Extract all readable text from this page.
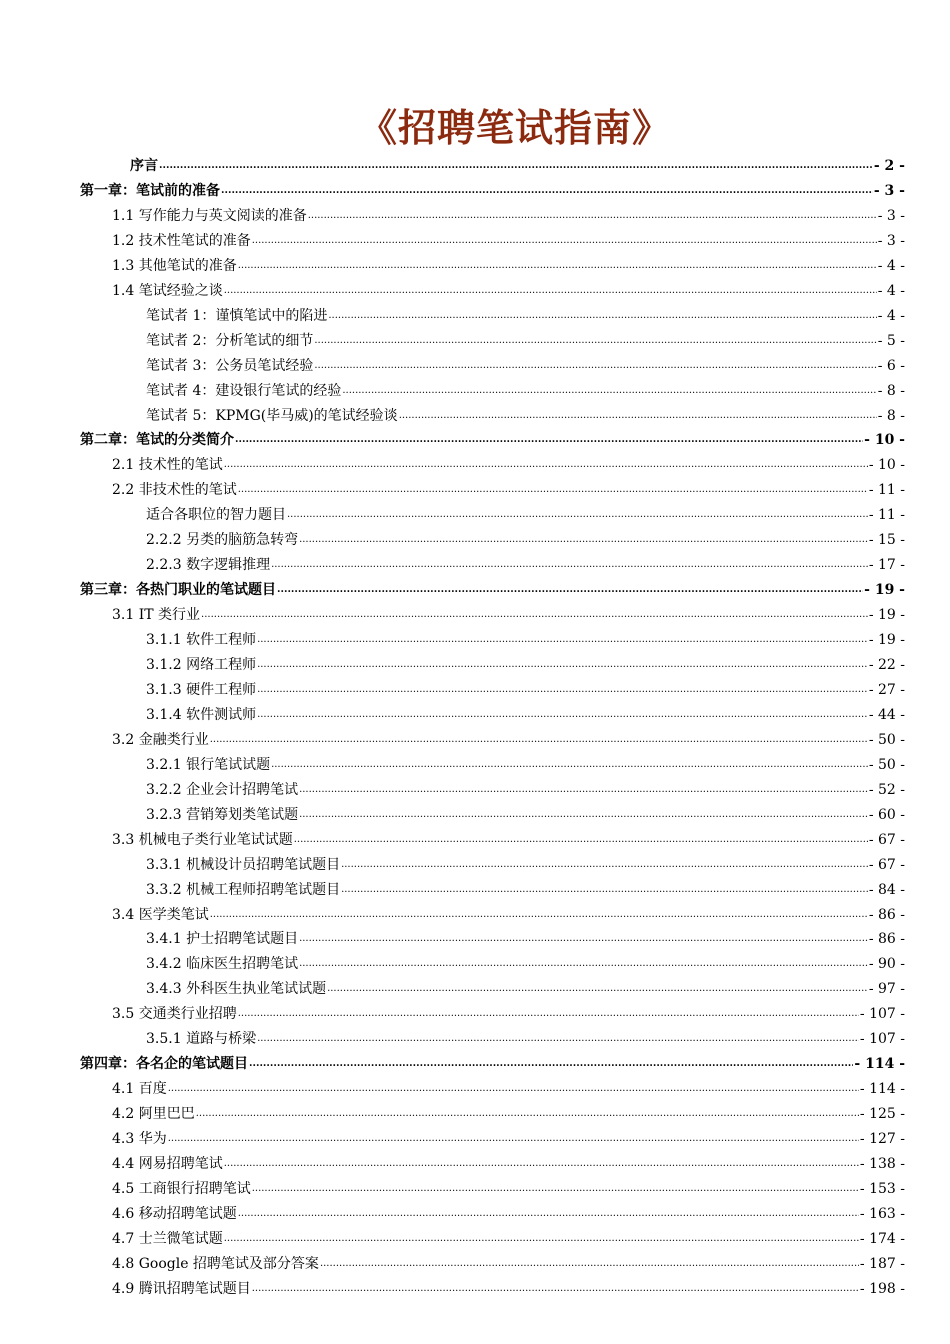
《招聘笔试指南》
序言 .....	- 2 -
第一章：笔试前的准备 .....	- 3 -
1.1 写作能力与英文阅读的准备 .....	- 3 -
1.2 技术性笔试的准备 .....	- 3 -
1.3 其他笔试的准备 .....	- 4 -
1.4 笔试经验之谈 .....	- 4 -
笔试者 1：谨慎笔试中的陷进 .....	- 4 -
笔试者 2：分析笔试的细节 .....	- 5 -
笔试者 3：公务员笔试经验 .....	- 6 -
笔试者 4：建设银行笔试的经验 .....	- 8 -
笔试者 5：KPMG(毕马威)的笔试经验谈 .....	- 8 -
第二章：笔试的分类简介 .....	- 10 -
2.1 技术性的笔试 .....	- 10 -
2.2 非技术性的笔试 .....	- 11 -
适合各职位的智力题目 .....	- 11 -
2.2.2 另类的脑筋急转弯 .....	- 15 -
2.2.3 数字逻辑推理 .....	- 17 -
第三章：各热门职业的笔试题目 .....	- 19 -
3.1 IT 类行业 .....	- 19 -
3.1.1 软件工程师 .....	- 19 -
3.1.2 网络工程师 .....	- 22 -
3.1.3 硬件工程师 .....	- 27 -
3.1.4 软件测试师 .....	- 44 -
3.2 金融类行业 .....	- 50 -
3.2.1 银行笔试试题 .....	- 50 -
3.2.2 企业会计招聘笔试 .....	- 52 -
3.2.3 营销筹划类笔试题 .....	- 60 -
3.3 机械电子类行业笔试试题 .....	- 67 -
3.3.1 机械设计员招聘笔试题目 .....	- 67 -
3.3.2 机械工程师招聘笔试题目 .....	- 84 -
3.4 医学类笔试 .....	- 86 -
3.4.1 护士招聘笔试题目 .....	- 86 -
3.4.2 临床医生招聘笔试 .....	- 90 -
3.4.3 外科医生执业笔试试题 .....	- 97 -
3.5 交通类行业招聘 .....	- 107 -
3.5.1 道路与桥梁 .....	- 107 -
第四章：各名企的笔试题目 .....	- 114 -
4.1 百度 .....	- 114 -
4.2 阿里巴巴 .....	- 125 -
4.3 华为 .....	- 127 -
4.4 网易招聘笔试 .....	- 138 -
4.5 工商银行招聘笔试 .....	- 153 -
4.6 移动招聘笔试题 .....	- 163 -
4.7 士兰微笔试题 .....	- 174 -
4.8 Google 招聘笔试及部分答案 .....	- 187 -
4.9 腾讯招聘笔试题目 .....	- 198 -
